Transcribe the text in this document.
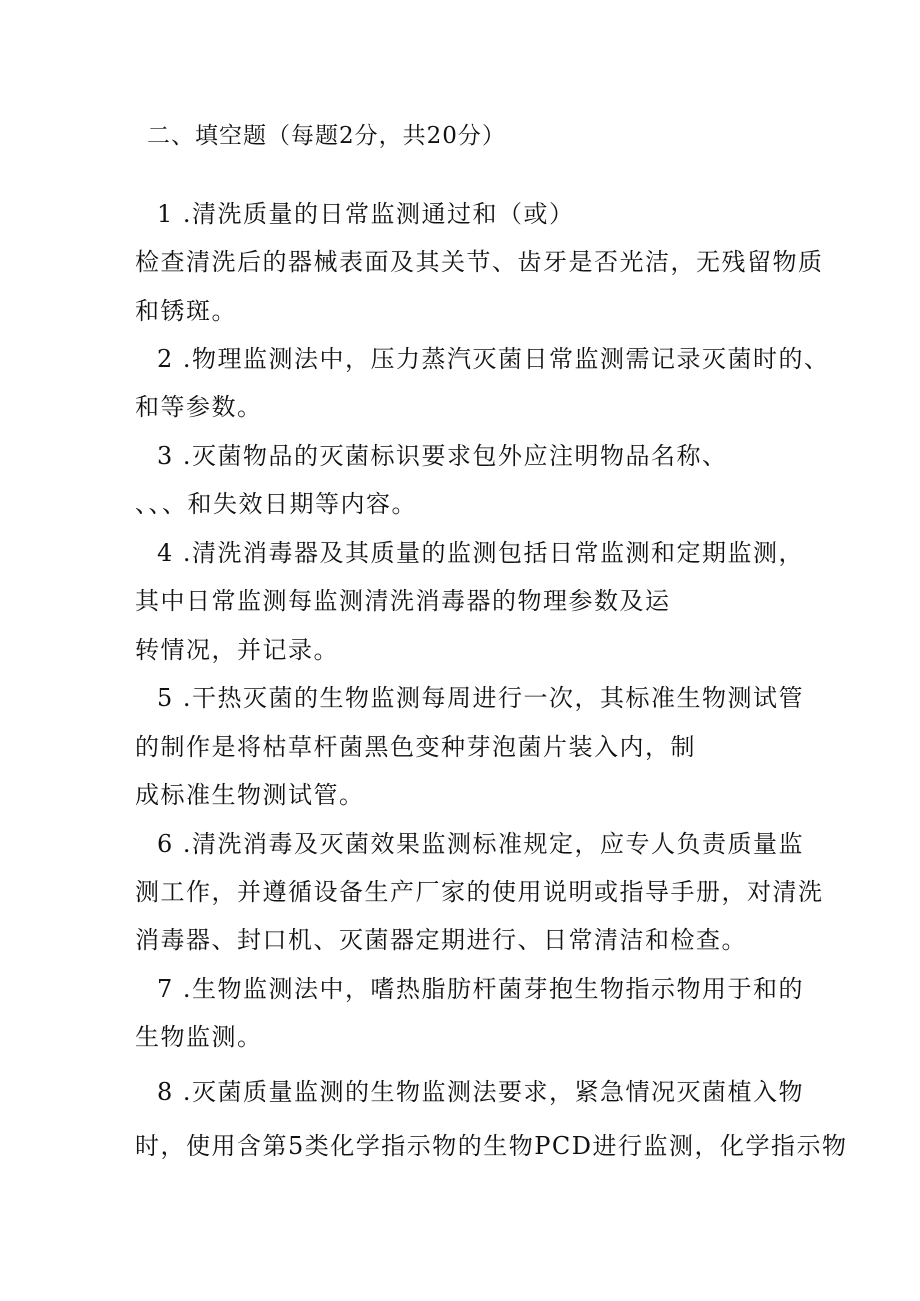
二、填空题（每题2分，共20分）
1 .清洗质量的日常监测通过和（或）
检查清洗后的器械表面及其关节、齿牙是否光洁，无残留物质
和锈斑。
2 .物理监测法中，压力蒸汽灭菌日常监测需记录灭菌时的、
和等参数。
3 .灭菌物品的灭菌标识要求包外应注明物品名称、
、、、和失效日期等内容。
4 .清洗消毒器及其质量的监测包括日常监测和定期监测，
其中日常监测每监测清洗消毒器的物理参数及运
转情况，并记录。
5 .干热灭菌的生物监测每周进行一次，其标准生物测试管
的制作是将枯草杆菌黑色变种芽泡菌片装入内，制
成标准生物测试管。
6 .清洗消毒及灭菌效果监测标准规定，应专人负责质量监
测工作，并遵循设备生产厂家的使用说明或指导手册，对清洗
消毒器、封口机、灭菌器定期进行、日常清洁和检查。
7 .生物监测法中，嗜热脂肪杆菌芽抱生物指示物用于和的
生物监测。
8 .灭菌质量监测的生物监测法要求，紧急情况灭菌植入物
时，使用含第5类化学指示物的生物PCD进行监测，化学指示物
